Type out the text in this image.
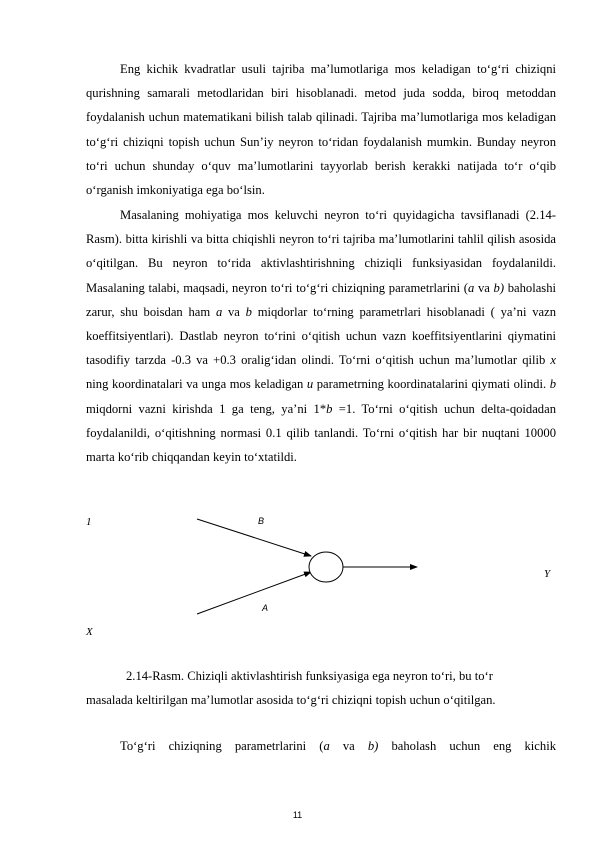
Eng kichik kvadratlar usuli tajriba ma’lumotlariga mos keladigan to‘g‘ri chiziqni qurishning samarali metodlaridan biri hisoblanadi. metod juda sodda, biroq metoddan foydalanish uchun matematikani bilish talab qilinadi. Tajriba ma’lumotlariga mos keladigan to‘g‘ri chiziqni topish uchun Sun’iy neyron to‘ridan foydalanish mumkin. Bunday neyron to‘ri uchun shunday o‘quv ma’lumotlarini tayyorlab berish kerakki natijada to‘r o‘qib o‘rganish imkoniyatiga ega bo‘lsin.

Masalaning mohiyatiga mos keluvchi neyron to‘ri quyidagicha tavsiflanadi (2.14-Rasm). bitta kirishli va bitta chiqishli neyron to‘ri tajriba ma’lumotlarini tahlil qilish asosida o‘qitilgan. Bu neyron to‘rida aktivlashtirishning chiziqli funksiyasidan foydalanildi. Masalaning talabi, maqsadi, neyron to‘ri to‘g‘ri chiziqning parametrlarini (a va b) baholashi zarur, shu boisdan ham a va b miqdorlar to‘rning parametrlari hisoblanadi ( ya’ni vazn koeffitsiyentlari). Dastlab neyron to‘rini o‘qitish uchun vazn koeffitsiyentlarini qiymatini tasodifiy tarzda -0.3 va +0.3 oralig‘idan olindi. To‘rni o‘qitish uchun ma’lumotlar qilib x ning koordinatalari va unga mos keladigan u parametrning koordinatalarini qiymati olindi. b miqdorni vazni kirishda 1 ga teng, ya’ni 1*b =1. To‘rni o‘qitish uchun delta-qoidadan foydalanildi, o‘qitishning normasi 0.1 qilib tanlandi. To‘rni o‘qitish har bir nuqtani 10000 marta ko‘rib chiqqandan keyin to‘xtatildi.

1	B
Y
A
X

2.14-Rasm. Chiziqli aktivlashtirish funksiyasiga ega neyron to‘ri, bu to‘r

masalada keltirilgan ma’lumotlar asosida to‘g‘ri chiziqni topish uchun o‘qitilgan.

To‘g‘ri chiziqning parametrlarini (a va b) baholash uchun eng kichik

11
